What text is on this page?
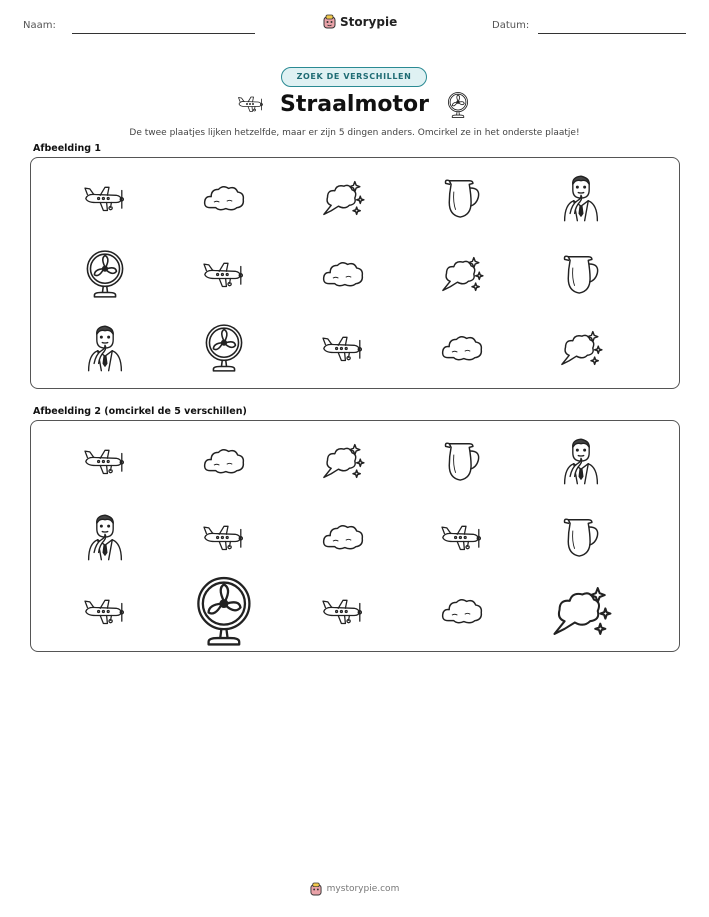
Naam:	Storypie	Datum:
ZOEK DE VERSCHILLEN
Straalmotor
De twee plaatjes lijken hetzelfde, maar er zijn 5 dingen anders. Omcirkel ze in het onderste plaatje!
Afbeelding 1
Afbeelding 2 (omcirkel de 5 verschillen)
mystorypie.com
